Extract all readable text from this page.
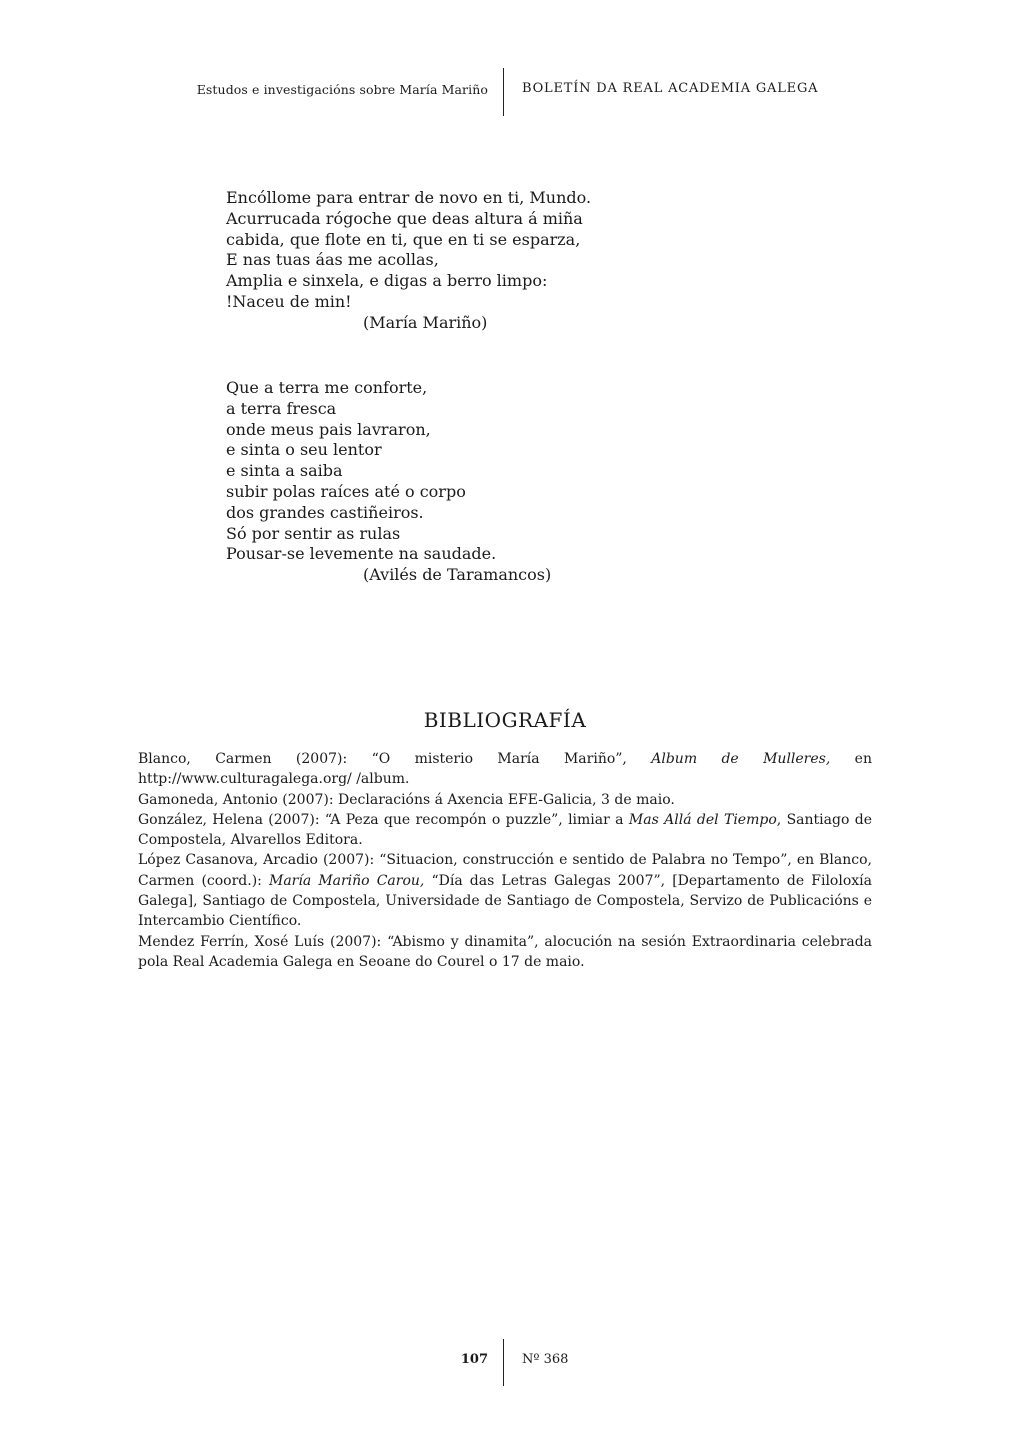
Estudos e investigacións sobre María Mariño	BOLETÍN DA REAL ACADEMIA GALEGA
Encóllome para entrar de novo en ti, Mundo.
Acurrucada rógoche que deas altura á miña
cabida, que flote en ti, que en ti se esparza,
E nas tuas áas me acollas,
Amplia e sinxela, e digas a berro limpo:
!Naceu de min!
(María Mariño)
Que a terra me conforte,
a terra fresca
onde meus pais lavraron,
e sinta o seu lentor
e sinta a saiba
subir polas raíces até o corpo
dos grandes castiñeiros.
Só por sentir as rulas
Pousar-se levemente na saudade.
(Avilés de Taramancos)
BIBLIOGRAFÍA

Blanco, Carmen (2007): “O misterio María Mariño”, Album de Mulleres, en http://www.culturagalega.org/ /album.

Gamoneda, Antonio (2007): Declaracións á Axencia EFE-Galicia, 3 de maio.

González, Helena (2007): “A Peza que recompón o puzzle”, limiar a Mas Allá del Tiempo, Santiago de Compostela, Alvarellos Editora.

López Casanova, Arcadio (2007): “Situacion, construcción e sentido de Palabra no Tempo”, en Blanco, Carmen (coord.): María Mariño Carou, “Día das Letras Galegas 2007”, [Departamento de Filoloxía Galega], Santiago de Compostela, Universidade de Santiago de Compostela, Servizo de Publicacións e Intercambio Científico.

Mendez Ferrín, Xosé Luís (2007): “Abismo y dinamita”, alocución na sesión Extraordinaria celebrada pola Real Academia Galega en Seoane do Courel o 17 de maio.

107	Nº 368
